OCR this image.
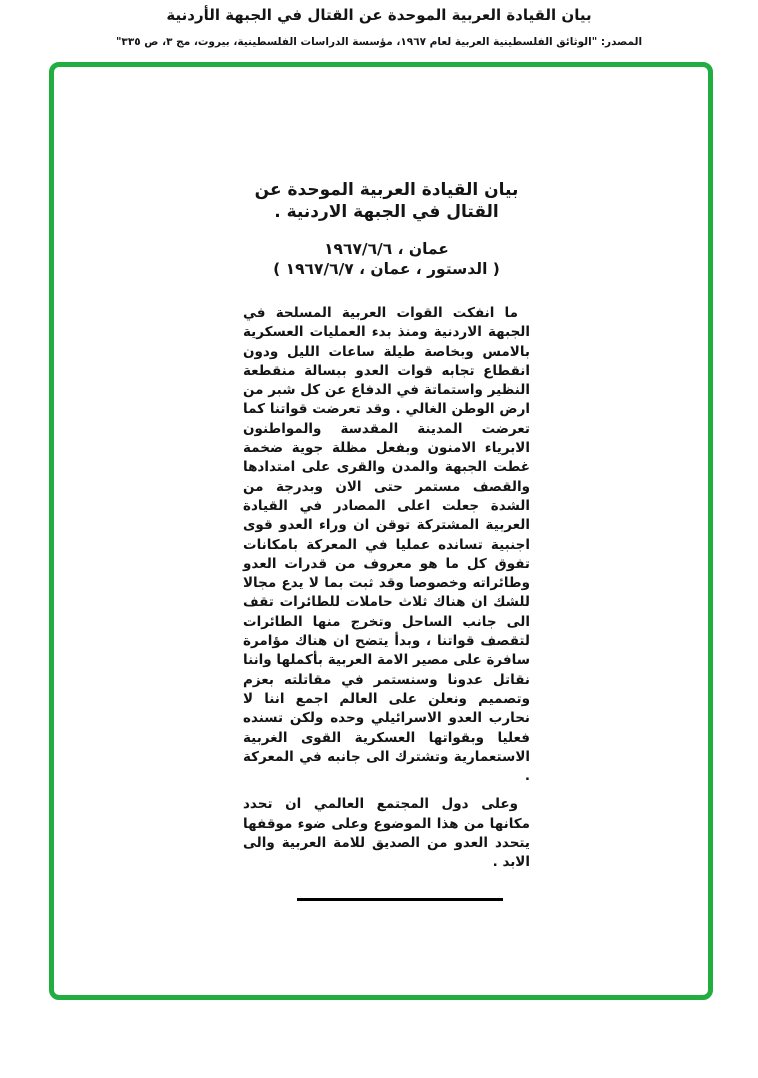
بيان القيادة العربية الموحدة عن القتال في الجبهة الأردنية
المصدر: "الوثائق الفلسطينية العربية لعام ١٩٦٧، مؤسسة الدراسات الفلسطينية، بيروت، مج ٣، ص ٣٣٥"
بيان القيادة العربية الموحدة عن القتال في الجبهة الاردنية .
عمان ، ١٩٦٧/٦/٦
( الدستور ، عمان ، ١٩٦٧/٦/٧ )

ما انفكت القوات العربية المسلحة في الجبهة الاردنية ومنذ بدء العمليات العسكرية بالامس وبخاصة طيلة ساعات الليل ودون انقطاع تجابه قوات العدو ببسالة منقطعة النظير واستماتة في الدفاع عن كل شبر من ارض الوطن الغالي . وقد تعرضت قواتنا كما تعرضت المدينة المقدسة والمواطنون الابرياء الامنون وبفعل مظلة جوية ضخمة غطت الجبهة والمدن والقرى على امتدادها والقصف مستمر حتى الان وبدرجة من الشدة جعلت اعلى المصادر في القيادة العربية المشتركة توقن ان وراء العدو قوى اجنبية تسانده عمليا في المعركة بامكانات تفوق كل ما هو معروف من قدرات العدو وطائراته وخصوصا وقد ثبت بما لا يدع مجالا للشك ان هناك ثلاث حاملات للطائرات تقف الى جانب الساحل وتخرج منها الطائرات لتقصف قواتنا ، وبدأ يتضح ان هناك مؤامرة سافرة على مصير الامة العربية بأكملها واننا نقاتل عدونا وسنستمر في مقاتلته بعزم وتصميم ونعلن على العالم اجمع اننا لا نحارب العدو الاسرائيلي وحده ولكن تسنده فعليا وبقواتها العسكرية القوى الغربية الاستعمارية وتشترك الى جانبه في المعركة .

وعلى دول المجتمع العالمي ان تحدد مكانها من هذا الموضوع وعلى ضوء موقفها يتحدد العدو من الصديق للامة العربية والى الابد .
